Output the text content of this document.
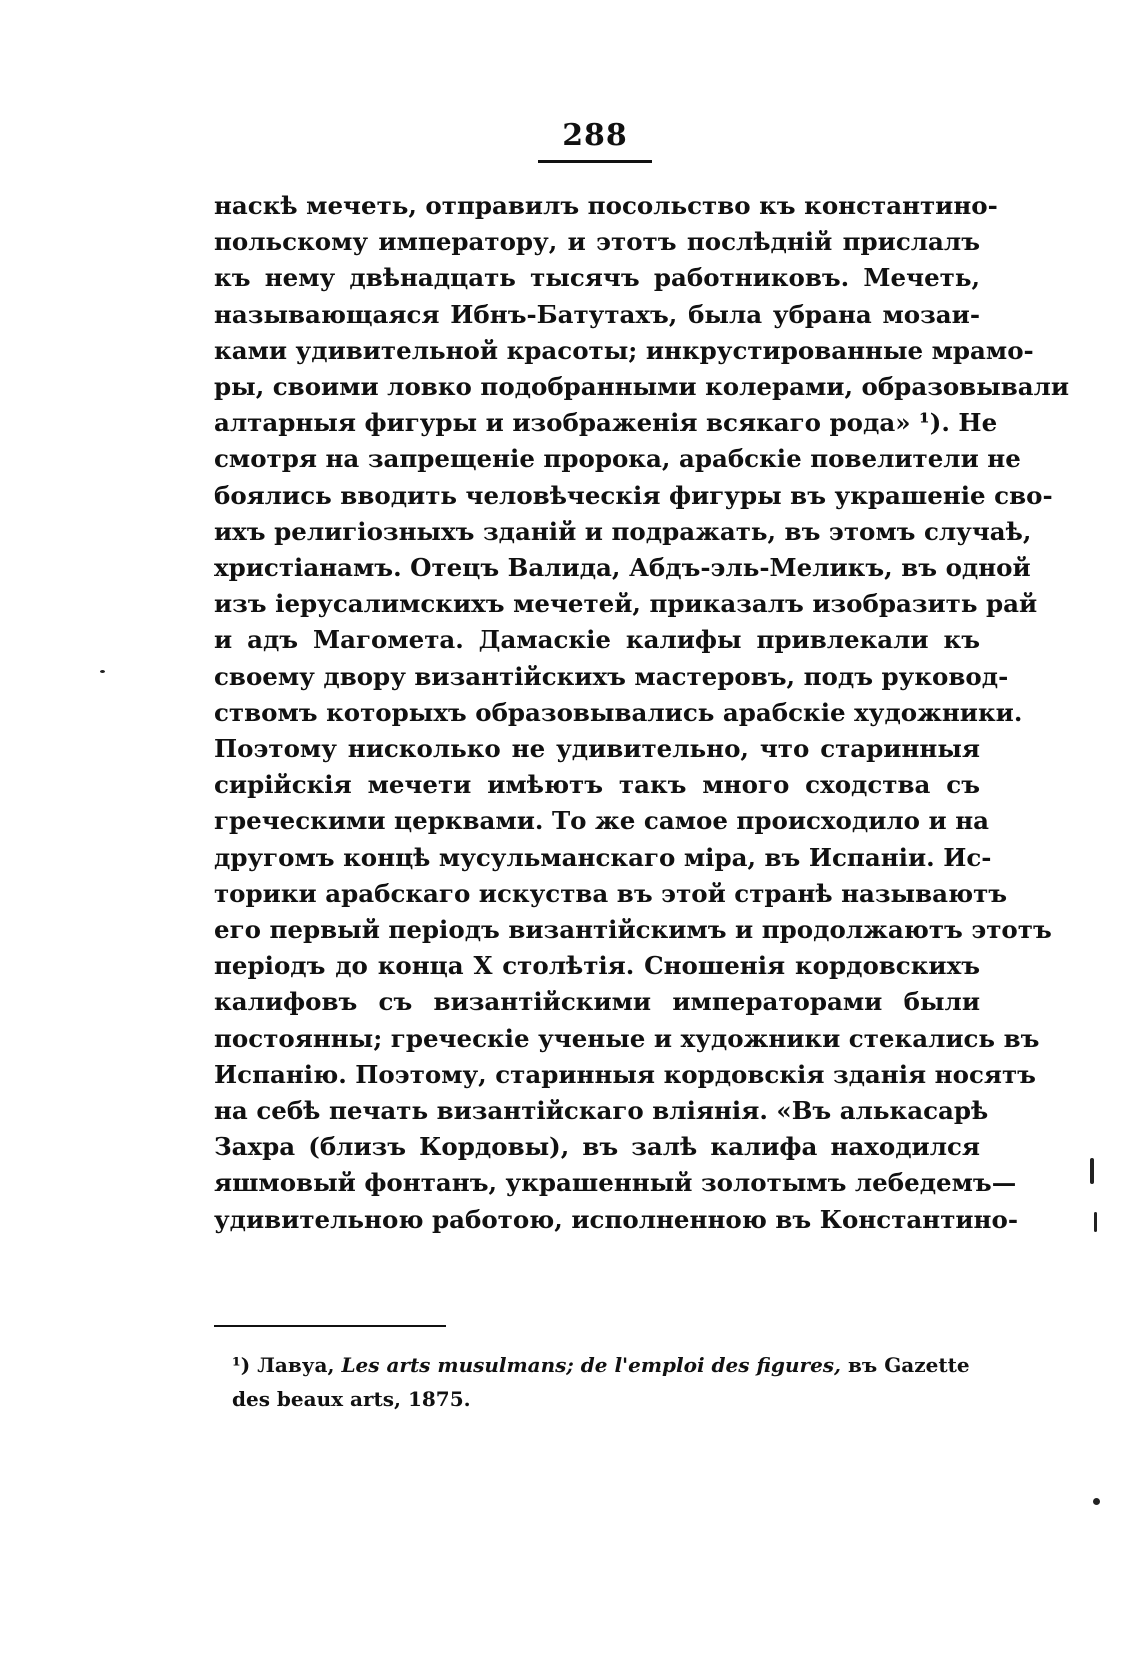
288
наскѣ мечеть, отправилъ посольство къ константино-
польскому императору, и этотъ послѣдній прислалъ
къ нему двѣнадцать тысячъ работниковъ. Мечеть,
называющаяся Ибнъ-Батутахъ, была убрана мозаи-
ками удивительной красоты; инкрустированные мрамо-
ры, своими ловко подобранными колерами, образовывали
алтарныя фигуры и изображенія всякаго рода» ¹). Не
смотря на запрещеніе пророка, арабскіе повелители не
боялись вводить человѣческія фигуры въ украшеніе сво-
ихъ религіозныхъ зданій и подражать, въ этомъ случаѣ,
христіанамъ. Отецъ Валида, Абдъ-эль-Меликъ, въ одной
изъ іерусалимскихъ мечетей, приказалъ изобразить рай
и адъ Магомета. Дамаскіе калифы привлекали къ
своему двору византійскихъ мастеровъ, подъ руковод-
ствомъ которыхъ образовывались арабскіе художники.
Поэтому нисколько не удивительно, что старинныя
сирійскія мечети имѣютъ такъ много сходства съ
греческими церквами. То же самое происходило и на
другомъ концѣ мусульманскаго міра, въ Испаніи. Ис-
торики арабскаго искуства въ этой странѣ называютъ
его первый періодъ византійскимъ и продолжаютъ этотъ
періодъ до конца X столѣтія. Сношенія кордовскихъ
калифовъ съ византійскими императорами были
постоянны; греческіе ученые и художники стекались въ
Испанію. Поэтому, старинныя кордовскія зданія носятъ
на себѣ печать византійскаго вліянія. «Въ алькасарѣ
Захра (близъ Кордовы), въ залѣ калифа находился
яшмовый фонтанъ, украшенный золотымъ лебедемъ—
удивительною работою, исполненною въ Константино-
¹) Лавуа, Les arts musulmans; de l'emploi des figures, въ Gazette
des beaux arts, 1875.
